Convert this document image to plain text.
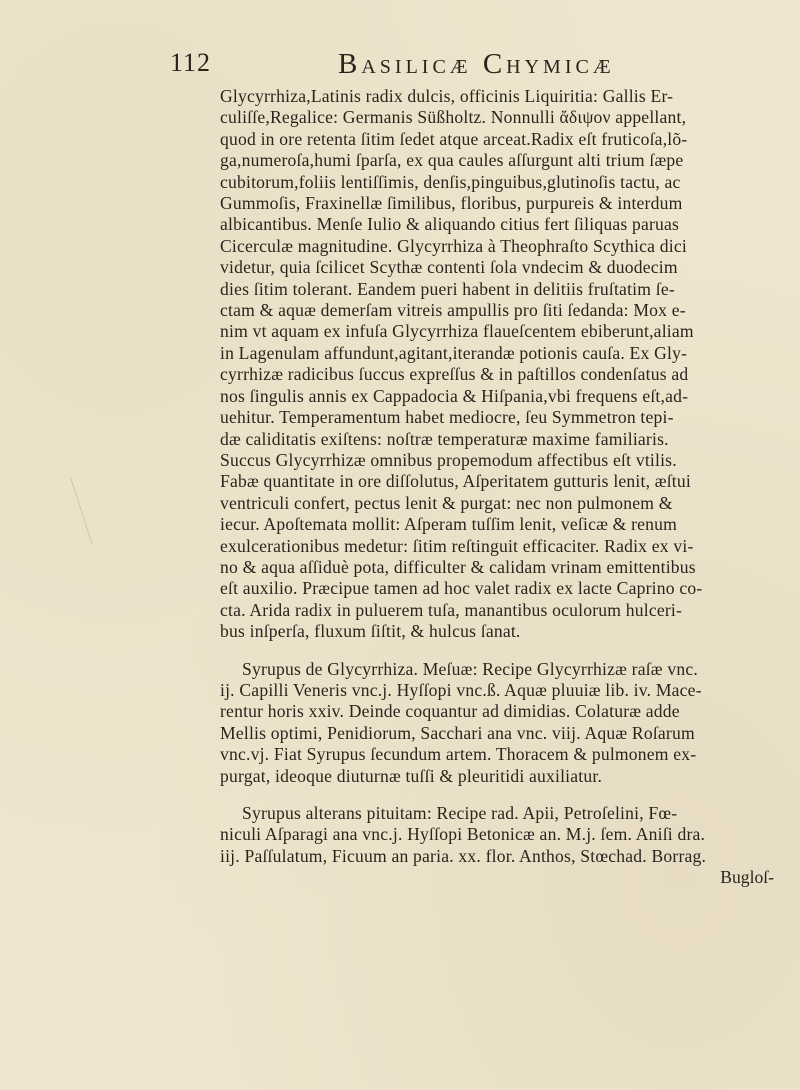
112	Basilicæ Chymicæ
Glycyrrhiza,Latinis radix dulcis, officinis Liquiritia: Gallis Er-
culiſſe,Regalice: Germanis Süßholtz. Nonnulli ἄδιψον appellant,
quod in ore retenta ſitim ſedet atque arceat.Radix eſt fruticoſa,lõ-
ga,numeroſa,humi ſparſa, ex qua caules aſſurgunt alti trium ſæpe
cubitorum,foliis lentiſſimis, denſis,pinguibus,glutinoſis tactu, ac
Gummoſis, Fraxinellæ ſimilibus, floribus, purpureis & interdum
albicantibus. Menſe Iulio & aliquando citius fert ſiliquas paruas
Cicerculæ magnitudine. Glycyrrhiza à Theophraſto Scythica dici
videtur, quia ſcilicet Scythæ contenti ſola vndecim & duodecim
dies ſitim tolerant. Eandem pueri habent in delitiis fruſtatim ſe-
ctam & aquæ demerſam vitreis ampullis pro ſiti ſedanda: Mox e-
nim vt aquam ex infuſa Glycyrrhiza flaueſcentem ebiberunt,aliam
in Lagenulam affundunt,agitant,iterandæ potionis cauſa. Ex Gly-
cyrrhizæ radicibus ſuccus expreſſus & in paſtillos condenſatus ad
nos ſingulis annis ex Cappadocia & Hiſpania,vbi frequens eſt,ad-
uehitur. Temperamentum habet mediocre, ſeu Symmetron tepi-
dæ caliditatis exiſtens: noſtræ temperaturæ maxime familiaris.
Succus Glycyrrhizæ omnibus propemodum affectibus eſt vtilis.
Fabæ quantitate in ore diſſolutus, Aſperitatem gutturis lenit, æſtui
ventriculi confert, pectus lenit & purgat: nec non pulmonem &
iecur. Apoſtemata mollit: Aſperam tuſſim lenit, veſicæ & renum
exulcerationibus medetur: ſitim reſtinguit efficaciter. Radix ex vi-
no & aqua aſſiduè pota, difficulter & calidam vrinam emittentibus
eſt auxilio. Præcipue tamen ad hoc valet radix ex lacte Caprino co-
cta. Arida radix in puluerem tuſa, manantibus oculorum hulceri-
bus inſperſa, fluxum ſiſtit, & hulcus ſanat.
Syrupus de Glycyrrhiza. Meſuæ: Recipe Glycyrrhizæ raſæ vnc.
ij. Capilli Veneris vnc.j. Hyſſopi vnc.ß. Aquæ pluuiæ lib. iv. Mace-
rentur horis xxiv. Deinde coquantur ad dimidias. Colaturæ adde
Mellis optimi, Penidiorum, Sacchari ana vnc. viij. Aquæ Roſarum
vnc.vj. Fiat Syrupus ſecundum artem. Thoracem & pulmonem ex-
purgat, ideoque diuturnæ tuſſi & pleuritidi auxiliatur.
Syrupus alterans pituitam: Recipe rad. Apii, Petroſelini, Fœ-
niculi Aſparagi ana vnc.j. Hyſſopi Betonicæ an. M.j. ſem. Aniſi dra.
iij. Paſſulatum, Ficuum an paria. xx. flor. Anthos, Stœchad. Borrag.
Bugloſ-
